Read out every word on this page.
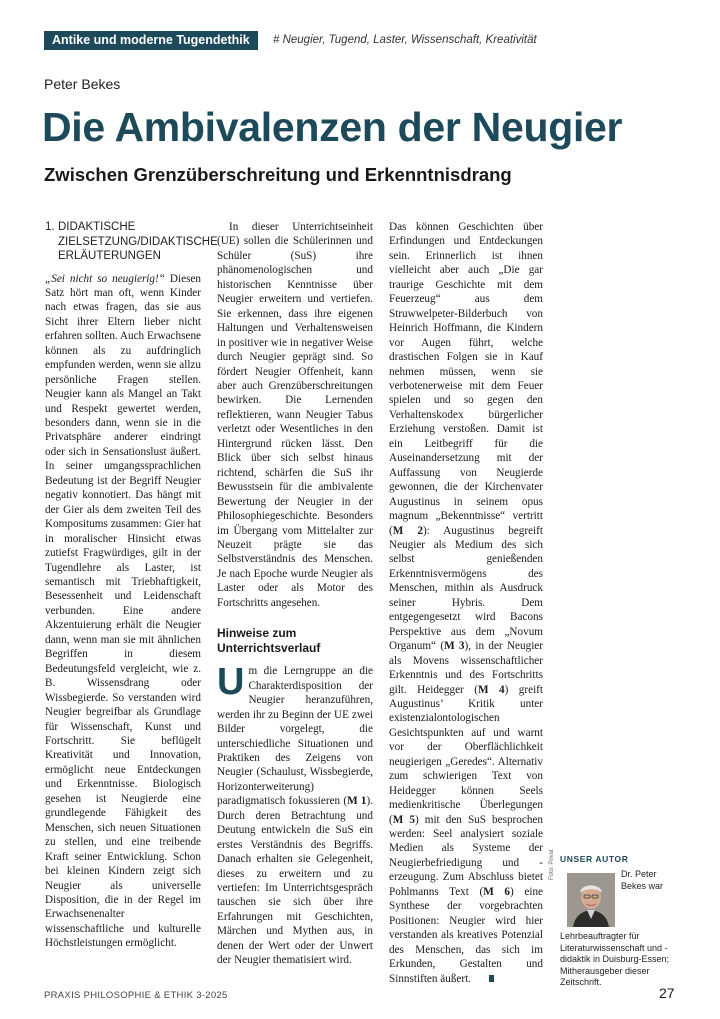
Antike und moderne Tugendethik	# Neugier, Tugend, Laster, Wissenschaft, Kreativität
Peter Bekes
Die Ambivalenzen der Neugier
Zwischen Grenzüberschreitung und Erkenntnisdrang
1. DIDAKTISCHE ZIELSETZUNG/DIDAKTISCHE ERLÄUTERUNGEN

„Sei nicht so neugierig!“ Diesen Satz hört man oft, wenn Kinder nach etwas fragen, das sie aus Sicht ihrer Eltern lieber nicht erfahren sollten. Auch Erwachsene können als zu aufdringlich empfunden werden, wenn sie allzu persönliche Fragen stellen. Neugier kann als Mangel an Takt und Respekt gewertet werden, besonders dann, wenn sie in die Privatsphäre anderer eindringt oder sich in Sensationslust äußert. In seiner umgangssprachlichen Bedeutung ist der Begriff Neugier negativ konnotiert. Das hängt mit der Gier als dem zweiten Teil des Kompositums zusammen: Gier hat in moralischer Hinsicht etwas zutiefst Fragwürdiges, gilt in der Tugendlehre als Laster, ist semantisch mit Triebhaftigkeit, Besessenheit und Leidenschaft verbunden. Eine andere Akzentuierung erhält die Neugier dann, wenn man sie mit ähnlichen Begriffen in diesem Bedeutungsfeld vergleicht, wie z. B. Wissensdrang oder Wissbegierde. So verstanden wird Neugier begreifbar als Grundlage für Wissenschaft, Kunst und Fortschritt. Sie beflügelt Kreativität und Innovation, ermöglicht neue Entdeckungen und Erkenntnisse. Biologisch gesehen ist Neugierde eine grundlegende Fähigkeit des Menschen, sich neuen Situationen zu stellen, und eine treibende Kraft seiner Entwicklung. Schon bei kleinen Kindern zeigt sich Neugier als universelle Disposition, die in der Regel im Erwachsenenalter wissenschaftliche und kulturelle Höchstleistungen ermöglicht.

In dieser Unterrichtseinheit (UE) sollen die Schülerinnen und Schüler (SuS) ihre phänomenologischen und historischen Kenntnisse über Neugier erweitern und vertiefen. Sie erkennen, dass ihre eigenen Haltungen und Verhaltensweisen in positiver wie in negativer Weise durch Neugier geprägt sind. So fördert Neugier Offenheit, kann aber auch Grenzüberschreitungen bewirken. Die Lernenden reflektieren, wann Neugier Tabus verletzt oder Wesentliches in den Hintergrund rücken lässt. Den Blick über sich selbst hinaus richtend, schärfen die SuS ihr Bewusstsein für die ambivalente Bewertung der Neugier in der Philosophiegeschichte. Besonders im Übergang vom Mittelalter zur Neuzeit prägte sie das Selbstverständnis des Menschen. Je nach Epoche wurde Neugier als Laster oder als Motor des Fortschritts angesehen.

Hinweise zum Unterrichtsverlauf

Um die Lerngruppe an die Charakterdisposition der Neugier heranzuführen, werden ihr zu Beginn der UE zwei Bilder vorgelegt, die unterschiedliche Situationen und Praktiken des Zeigens von Neugier (Schaulust, Wissbegierde, Horizonterweiterung) paradigmatisch fokussieren (M 1). Durch deren Betrachtung und Deutung entwickeln die SuS ein erstes Verständnis des Begriffs. Danach erhalten sie Gelegenheit, dieses zu erweitern und zu vertiefen: Im Unterrichtsgespräch tauschen sie sich über ihre Erfahrungen mit Geschichten, Märchen und Mythen aus, in denen der Wert oder der Unwert der Neugier thematisiert wird.

Das können Geschichten über Erfindungen und Entdeckungen sein. Erinnerlich ist ihnen vielleicht aber auch „Die gar traurige Geschichte mit dem Feuerzeug“ aus dem Struwwelpeter-Bilderbuch von Heinrich Hoffmann, die Kindern vor Augen führt, welche drastischen Folgen sie in Kauf nehmen müssen, wenn sie verbotenerweise mit dem Feuer spielen und so gegen den Verhaltenskodex bürgerlicher Erziehung verstoßen. Damit ist ein Leitbegriff für die Auseinandersetzung mit der Auffassung von Neugierde gewonnen, die der Kirchenvater Augustinus in seinem opus magnum „Bekenntnisse“ vertritt (M 2): Augustinus begreift Neugier als Medium des sich selbst genießenden Erkenntnisvermögens des Menschen, mithin als Ausdruck seiner Hybris. Dem entgegengesetzt wird Bacons Perspektive aus dem „Novum Organum“ (M 3), in der Neugier als Movens wissenschaftlicher Erkenntnis und des Fortschritts gilt. Heidegger (M 4) greift Augustinus’ Kritik unter existenzialontologischen Gesichtspunkten auf und warnt vor der Oberflächlichkeit neugierigen „Geredes“. Alternativ zum schwierigen Text von Heidegger können Seels medienkritische Überlegungen (M 5) mit den SuS besprochen werden: Seel analysiert soziale Medien als Systeme der Neugierbefriedigung und -erzeugung. Zum Abschluss bietet Pohlmanns Text (M 6) eine Synthese der vorgebrachten Positionen: Neugier wird hier verstanden als kreatives Potenzial des Menschen, das sich im Erkunden, Gestalten und Sinnstiften äußert.

UNSER AUTOR
Foto: Privat	Dr. Peter Bekes war Lehrbeauftragter für Literaturwissenschaft und -didaktik in Duisburg-Essen; Mitherausgeber dieser Zeitschrift.
PRAXIS PHILOSOPHIE & ETHIK 3-2025	27
